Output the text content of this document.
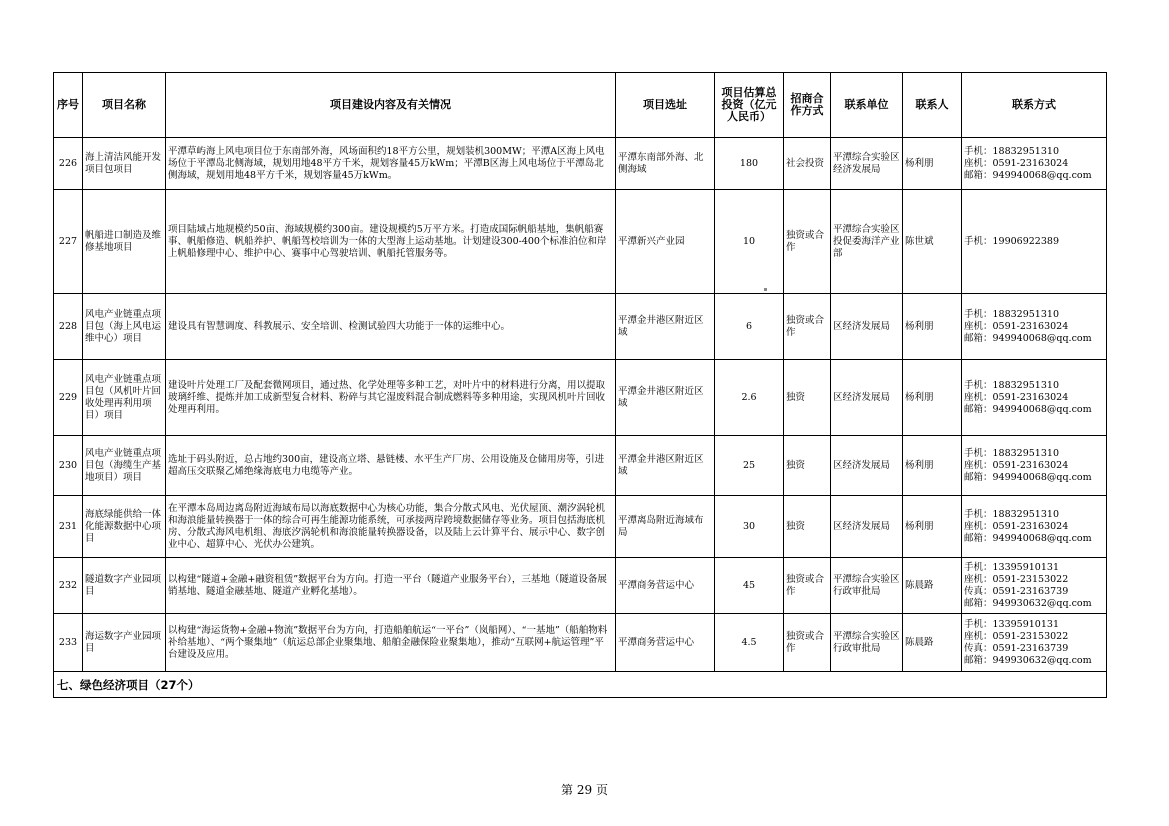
序号	项目名称	项目建设内容及有关情况	项目选址	项目估算总投资（亿元人民币）	招商合作方式	联系单位	联系人	联系方式
226	海上清洁风能开发项目包项目	平潭草屿海上风电项目位于东南部外海，风场面积约18平方公里，规划装机300MW；平潭A区海上风电场位于平潭岛北侧海域，规划用地48平方千米，规划容量45万kWm；平潭B区海上风电场位于平潭岛北侧海域，规划用地48平方千米，规划容量45万kWm。	平潭东南部外海、北侧海域	180	社会投资	平潭综合实验区经济发展局	杨利朋	手机：18832951310
座机：0591-23163024
邮箱：949940068@qq.com

227	帆船进口制造及维修基地项目	项目陆域占地规模约50亩、海域规模约300亩。建设规模约5万平方米。打造成国际帆船基地，集帆船赛事、帆船修造、帆船养护、帆船驾校培训为一体的大型海上运动基地。计划建设300-400个标准泊位和岸上帆船修理中心、维护中心、赛事中心驾驶培训、帆船托管服务等。	平潭新兴产业园	10	独资或合作	平潭综合实验区投促委海洋产业部	陈世斌	手机：19906922389

228	风电产业链重点项目包（海上风电运维中心）项目	建设具有智慧调度、科教展示、安全培训、检测试验四大功能于一体的运维中心。	平潭金井港区附近区域	6	独资或合作	区经济发展局	杨利朋	手机：18832951310
座机：0591-23163024
邮箱：949940068@qq.com

229	风电产业链重点项目包（风机叶片回收处理再利用项目）项目	建设叶片处理工厂及配套微网项目，通过热、化学处理等多种工艺，对叶片中的材料进行分离，用以提取玻璃纤维、提炼并加工成新型复合材料、粉碎与其它湿废料混合制成燃料等多种用途，实现风机叶片回收处理再利用。	平潭金井港区附近区域	2.6	独资	区经济发展局	杨利朋	手机：18832951310
座机：0591-23163024
邮箱：949940068@qq.com

230	风电产业链重点项目包（海缆生产基地项目）项目	选址于码头附近，总占地约300亩，建设高立塔、悬链楼、水平生产厂房、公用设施及仓储用房等，引进超高压交联聚乙烯绝缘海底电力电缆等产业。	平潭金井港区附近区域	25	独资	区经济发展局	杨利朋	手机：18832951310
座机：0591-23163024
邮箱：949940068@qq.com

231	海底绿能供给一体化能源数据中心项目	在平潭本岛周边离岛附近海域布局以海底数据中心为核心功能，集合分散式风电、光伏屋顶、潮汐涡轮机和海浪能量转换器于一体的综合可再生能源功能系统，可承接两岸跨境数据储存等业务。项目包括海底机房、分散式海风电机组、海底汐涡轮机和海浪能量转换器设备，以及陆上云计算平台、展示中心、数字创业中心、超算中心、光伏办公建筑。	平潭离岛附近海域布局	30	独资	区经济发展局	杨利朋	手机：18832951310
座机：0591-23163024
邮箱：949940068@qq.com

232	隧道数字产业园项目	以构建“隧道+金融+融资租赁”数据平台为方向。打造一平台（隧道产业服务平台），三基地（隧道设备展销基地、隧道金融基地、隧道产业孵化基地）。	平潭商务营运中心	45	独资或合作	平潭综合实验区行政审批局	陈晨路	手机：13395910131
座机：0591-23153022
传真：0591-23163739
邮箱：949930632@qq.com

233	海运数字产业园项目	以构建“海运货物+金融+物流”数据平台为方向，打造船舶航运“一平台”（岚船网）、“一基地”（船舶物料补给基地）、“两个聚集地”（航运总部企业聚集地、船舶金融保险业聚集地），推动“互联网+航运管理”平台建设及应用。	平潭商务营运中心	4.5	独资或合作	平潭综合实验区行政审批局	陈晨路	手机：13395910131
座机：0591-23153022
传真：0591-23163739
邮箱：949930632@qq.com

七、绿色经济项目（27个）								
第 29 页
